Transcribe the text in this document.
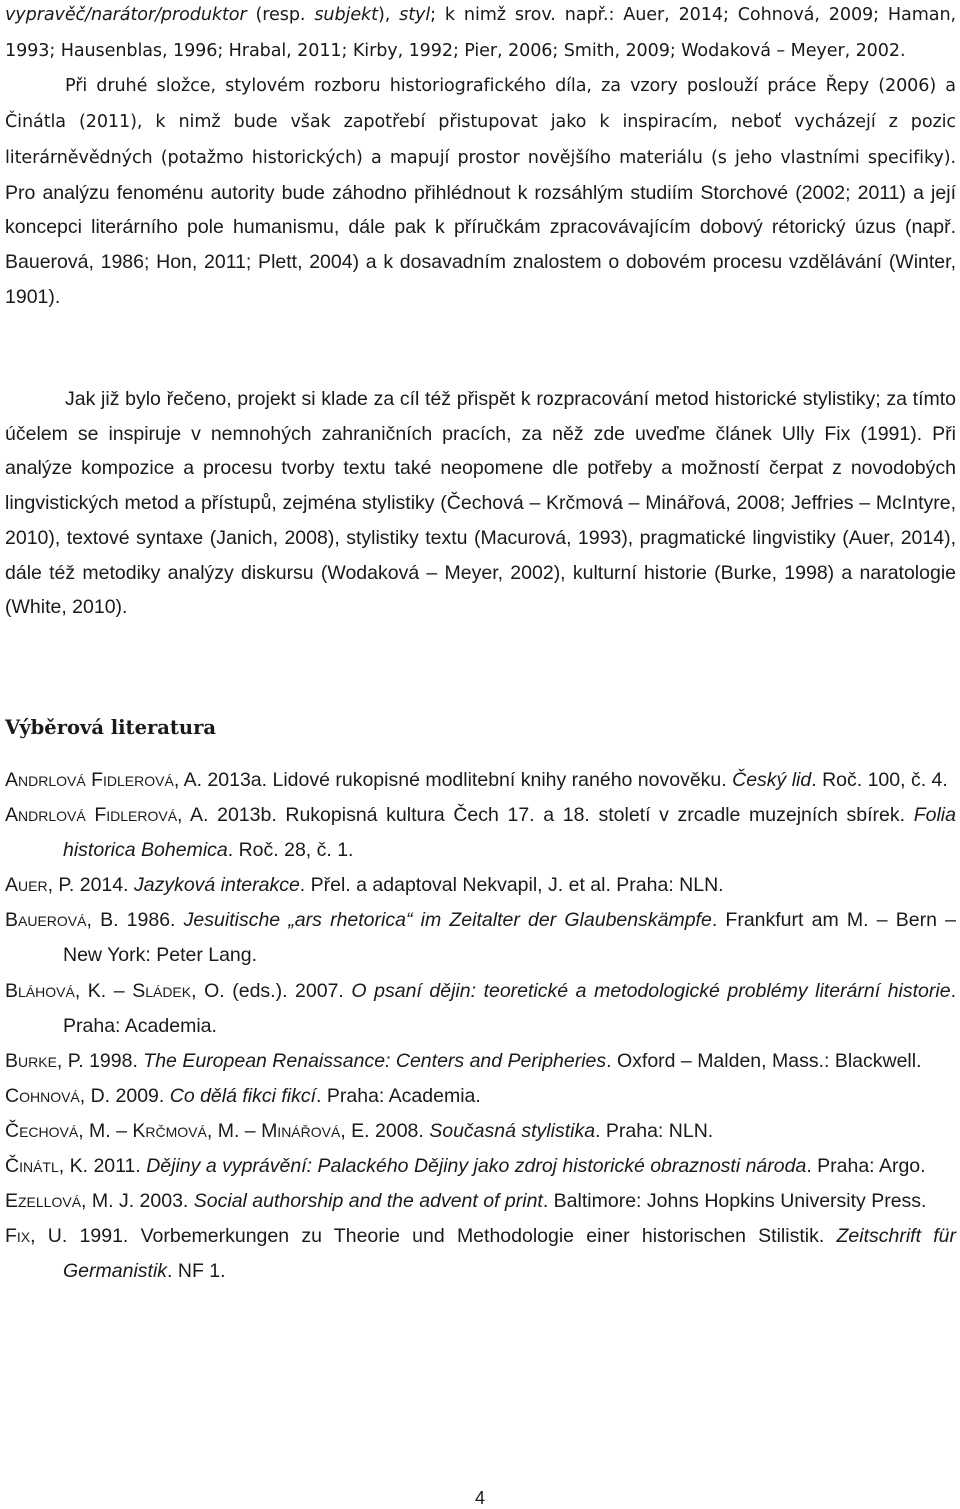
vypravěč/narátor/produktor (resp. subjekt), styl; k nimž srov. např.: Auer, 2014; Cohnová, 2009; Haman, 1993; Hausenblas, 1996; Hrabal, 2011; Kirby, 1992; Pier, 2006; Smith, 2009; Wodaková – Meyer, 2002.
Při druhé složce, stylovém rozboru historiografického díla, za vzory poslouží práce Řepy (2006) a Činátla (2011), k nimž bude však zapotřebí přistupovat jako k inspiracím, neboť vycházejí z pozic literárněvědných (potažmo historických) a mapují prostor novějšího materiálu (s jeho vlastními specifiky). Pro analýzu fenoménu autority bude záhodno přihlédnout k rozsáhlým studiím Storchové (2002; 2011) a její koncepci literárního pole humanismu, dále pak k příručkám zpracovávajícím dobový rétorický úzus (např. Bauerová, 1986; Hon, 2011; Plett, 2004) a k dosavadním znalostem o dobovém procesu vzdělávání (Winter, 1901).

Jak již bylo řečeno, projekt si klade za cíl též přispět k rozpracování metod historické stylistiky; za tímto účelem se inspiruje v nemnohých zahraničních pracích, za něž zde uveďme článek Ully Fix (1991). Při analýze kompozice a procesu tvorby textu také neopomene dle potřeby a možností čerpat z novodobých lingvistických metod a přístupů, zejména stylistiky (Čechová – Krčmová – Minářová, 2008; Jeffries – McIntyre, 2010), textové syntaxe (Janich, 2008), stylistiky textu (Macurová, 1993), pragmatické lingvistiky (Auer, 2014), dále též metodiky analýzy diskursu (Wodaková – Meyer, 2002), kulturní historie (Burke, 1998) a naratologie (White, 2010).

Výběrová literatura
Andrlová Fidlerová, A. 2013a. Lidové rukopisné modlitební knihy raného novověku. Český lid. Roč. 100, č. 4.
Andrlová Fidlerová, A. 2013b. Rukopisná kultura Čech 17. a 18. století v zrcadle muzejních sbírek. Folia historica Bohemica. Roč. 28, č. 1.
Auer, P. 2014. Jazyková interakce. Přel. a adaptoval Nekvapil, J. et al. Praha: NLN.
Bauerová, B. 1986. Jesuitische „ars rhetorica“ im Zeitalter der Glaubenskämpfe. Frankfurt am M. – Bern – New York: Peter Lang.
Bláhová, K. – Sládek, O. (eds.). 2007. O psaní dějin: teoretické a metodologické problémy literární historie. Praha: Academia.
Burke, P. 1998. The European Renaissance: Centers and Peripheries. Oxford – Malden, Mass.: Blackwell.
Cohnová, D. 2009. Co dělá fikci fikcí. Praha: Academia.
Čechová, M. – Krčmová, M. – Minářová, E. 2008. Současná stylistika. Praha: NLN.
Činátl, K. 2011. Dějiny a vyprávění: Palackého Dějiny jako zdroj historické obraznosti národa. Praha: Argo.
Ezellová, M. J. 2003. Social authorship and the advent of print. Baltimore: Johns Hopkins University Press.
Fix, U. 1991. Vorbemerkungen zu Theorie und Methodologie einer historischen Stilistik. Zeitschrift für Germanistik. NF 1.
4
